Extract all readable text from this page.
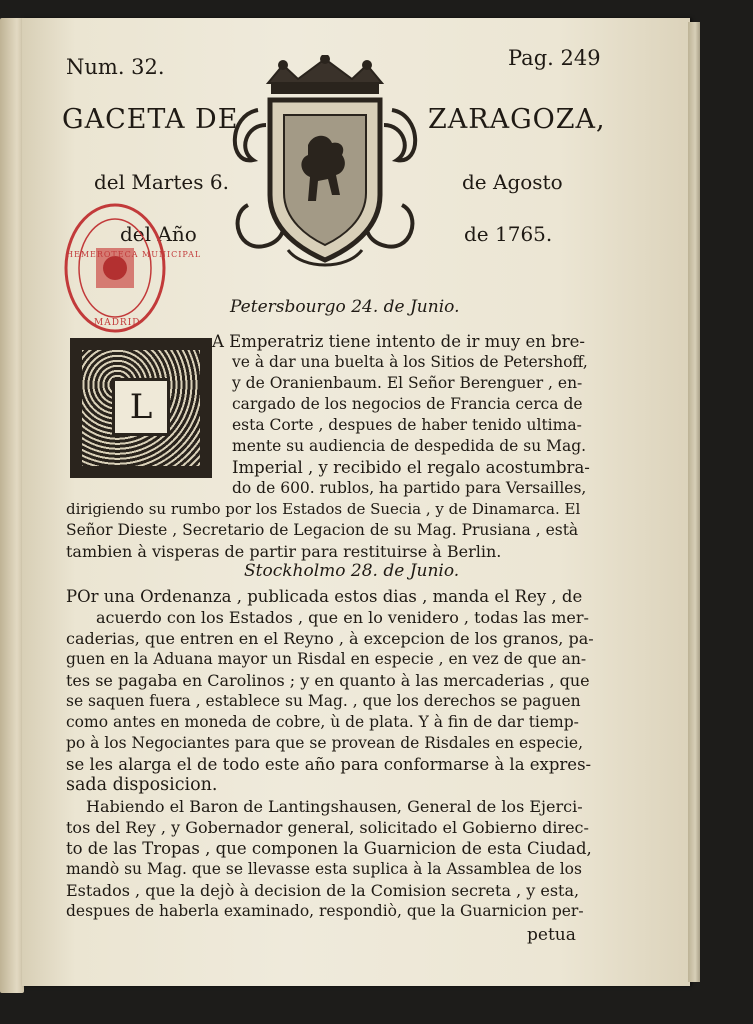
Num. 32.	Pag. 249
GACETA DE	ZARAGOZA,
del Martes 6.	de Agosto
del Año	de 1765.
HEMEROTECA MUNICIPAL
MADRID
L
Petersbourgo 24. de Junio.
A Emperatriz tiene intento de ir muy en bre-
ve à dar una buelta à los Sitios de Petershoff,
y de Oranienbaum. El Señor Berenguer , en-
cargado de los negocios de Francia cerca de
esta Corte , despues de haber tenido ultima-
mente su audiencia de despedida de su Mag.
Imperial , y recibido el regalo acostumbra-
do de 600. rublos, ha partido para Versailles,
dirigiendo su rumbo por los Estados de Suecia , y de Dinamarca. El
Señor Dieste , Secretario de Legacion de su Mag. Prusiana , està
tambien à visperas de partir para restituirse à Berlin.
Stockholmo 28. de Junio.
POr una Ordenanza , publicada estos dias , manda el Rey , de
acuerdo con los Estados , que en lo venidero , todas las mer-
caderias, que entren en el Reyno , à excepcion de los granos, pa-
guen en la Aduana mayor un Risdal en especie , en vez de que an-
tes se pagaba en Carolinos ; y en quanto à las mercaderias , que
se saquen fuera , establece su Mag. , que los derechos se paguen
como antes en moneda de cobre, ù de plata. Y à fin de dar tiemp-
po à los Negociantes para que se provean de Risdales en especie,
se les alarga el de todo este año para conformarse à la expres-
sada disposicion.
Habiendo el Baron de Lantingshausen, General de los Ejerci-
tos del Rey , y Gobernador general, solicitado el Gobierno direc-
to de las Tropas , que componen la Guarnicion de esta Ciudad,
mandò su Mag. que se llevasse esta suplica à la Assamblea de los
Estados , que la dejò à decision de la Comision secreta , y esta,
despues de haberla examinado, respondiò, que la Guarnicion per-
petua
